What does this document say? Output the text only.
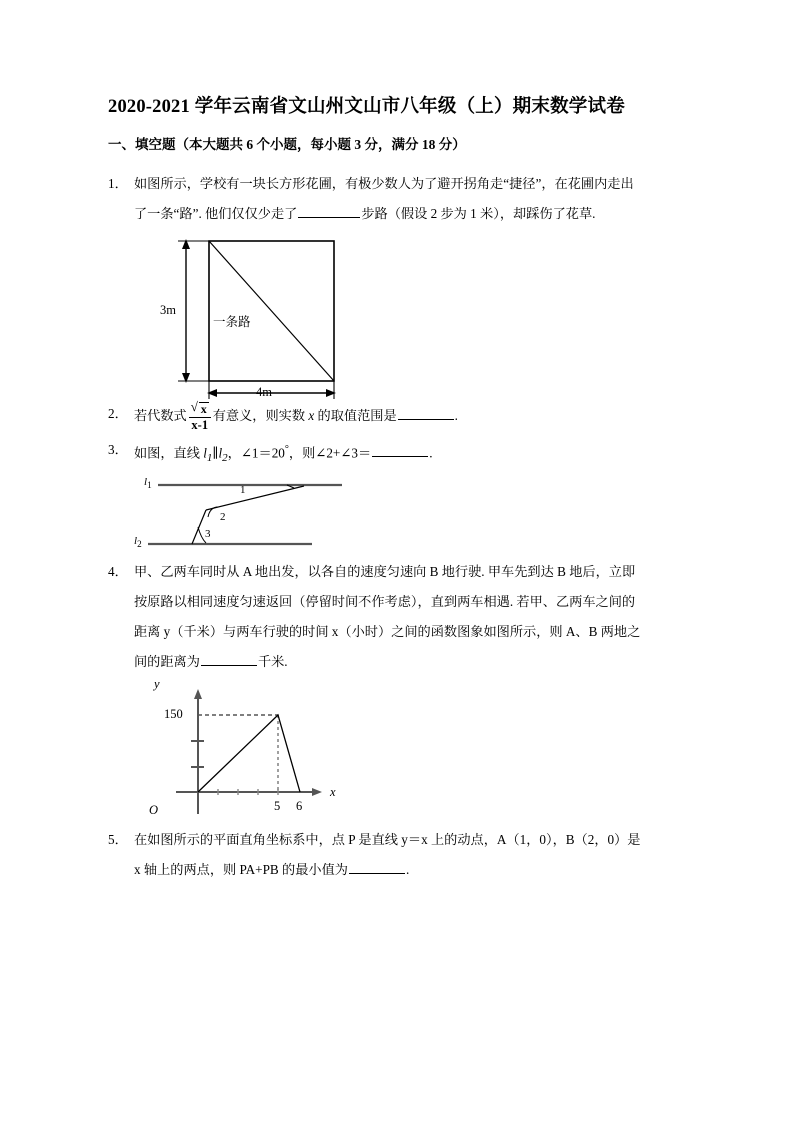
2020-2021 学年云南省文山州文山市八年级（上）期末数学试卷
一、填空题（本大题共 6 个小题，每小题 3 分，满分 18 分）
1． 如图所示，学校有一块长方形花圃，有极少数人为了避开拐角走“捷径”，在花圃内走出
了一条“路”. 他们仅仅少走了	步路（假设 2 步为 1 米），却踩伤了花草.
3m
4m
一条路
2． 若代数式 $\frac{√ x}{x-1}$ 有意义，则实数 x 的取值范围是	.
3． 如图，直线 $l_1\parallel l_2$，∠1＝20°，则∠2+∠3＝	.
$l_1$
$l_2$
1
2
3
4． 甲、乙两车同时从 A 地出发，以各自的速度匀速向 B 地行驶. 甲车先到达 B 地后，立即
按原路以相同速度匀速返回（停留时间不作考虑），直到两车相遇. 若甲、乙两车之间的
距离 y（千米）与两车行驶的时间 x（小时）之间的函数图象如图所示，则 A、B 两地之
间的距离为	千米.
O
y
x
150
5 6
5． 在如图所示的平面直角坐标系中，点 P 是直线 y＝x 上的动点，A（1，0），B（2，0）是
x 轴上的两点，则 PA+PB 的最小值为	.
